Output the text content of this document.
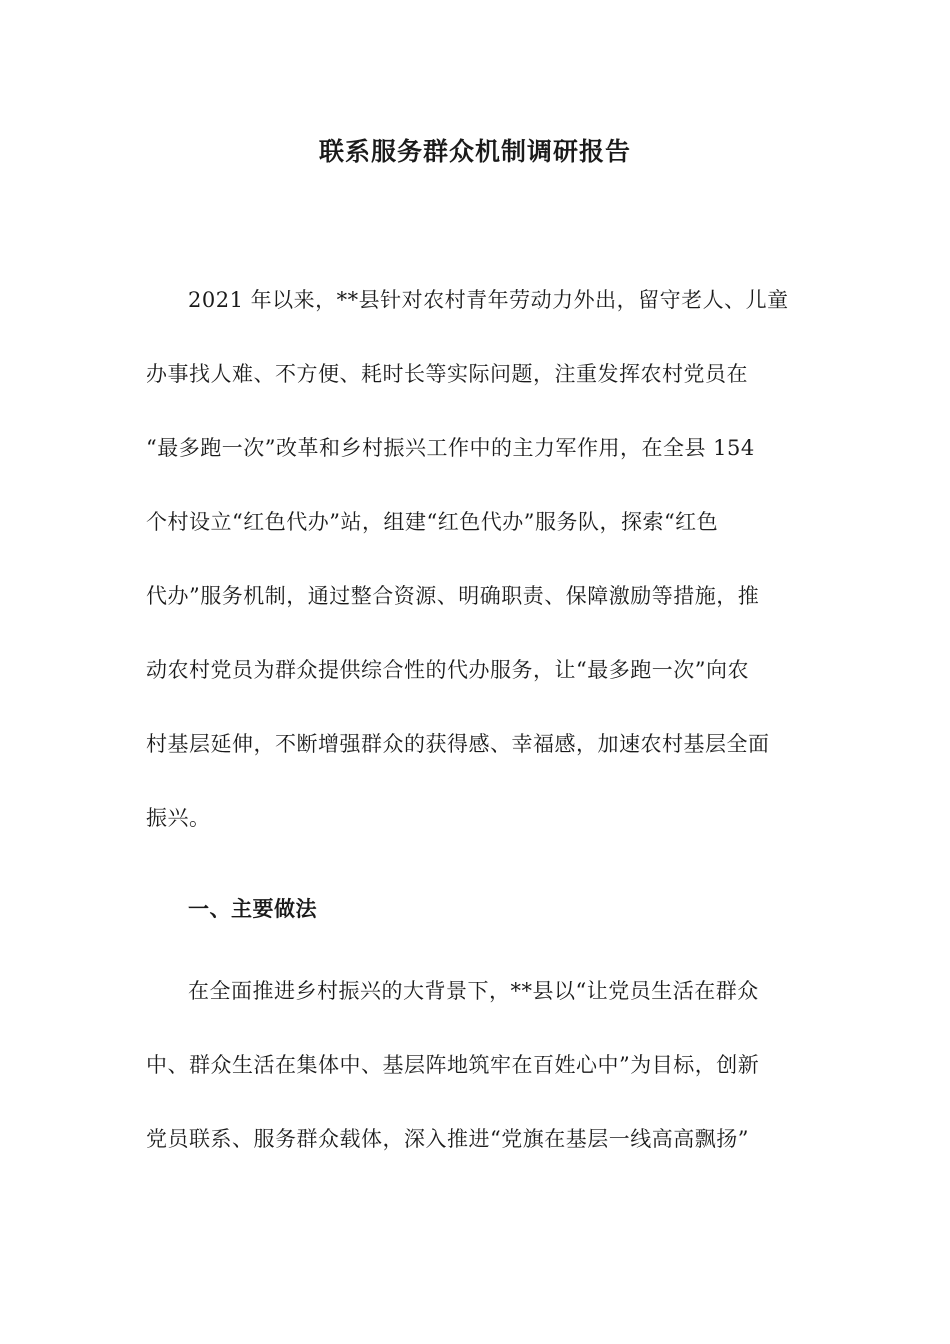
联系服务群众机制调研报告

2021 年以来，**县针对农村青年劳动力外出，留守老人、儿童

办事找人难、不方便、耗时长等实际问题，注重发挥农村党员在

“最多跑一次”改革和乡村振兴工作中的主力军作用，在全县 154

个村设立“红色代办”站，组建“红色代办”服务队，探索“红色

代办”服务机制，通过整合资源、明确职责、保障激励等措施，推

动农村党员为群众提供综合性的代办服务，让“最多跑一次”向农

村基层延伸，不断增强群众的获得感、幸福感，加速农村基层全面

振兴。

一、主要做法

在全面推进乡村振兴的大背景下，**县以“让党员生活在群众

中、群众生活在集体中、基层阵地筑牢在百姓心中”为目标，创新

党员联系、服务群众载体，深入推进“党旗在基层一线高高飘扬”
